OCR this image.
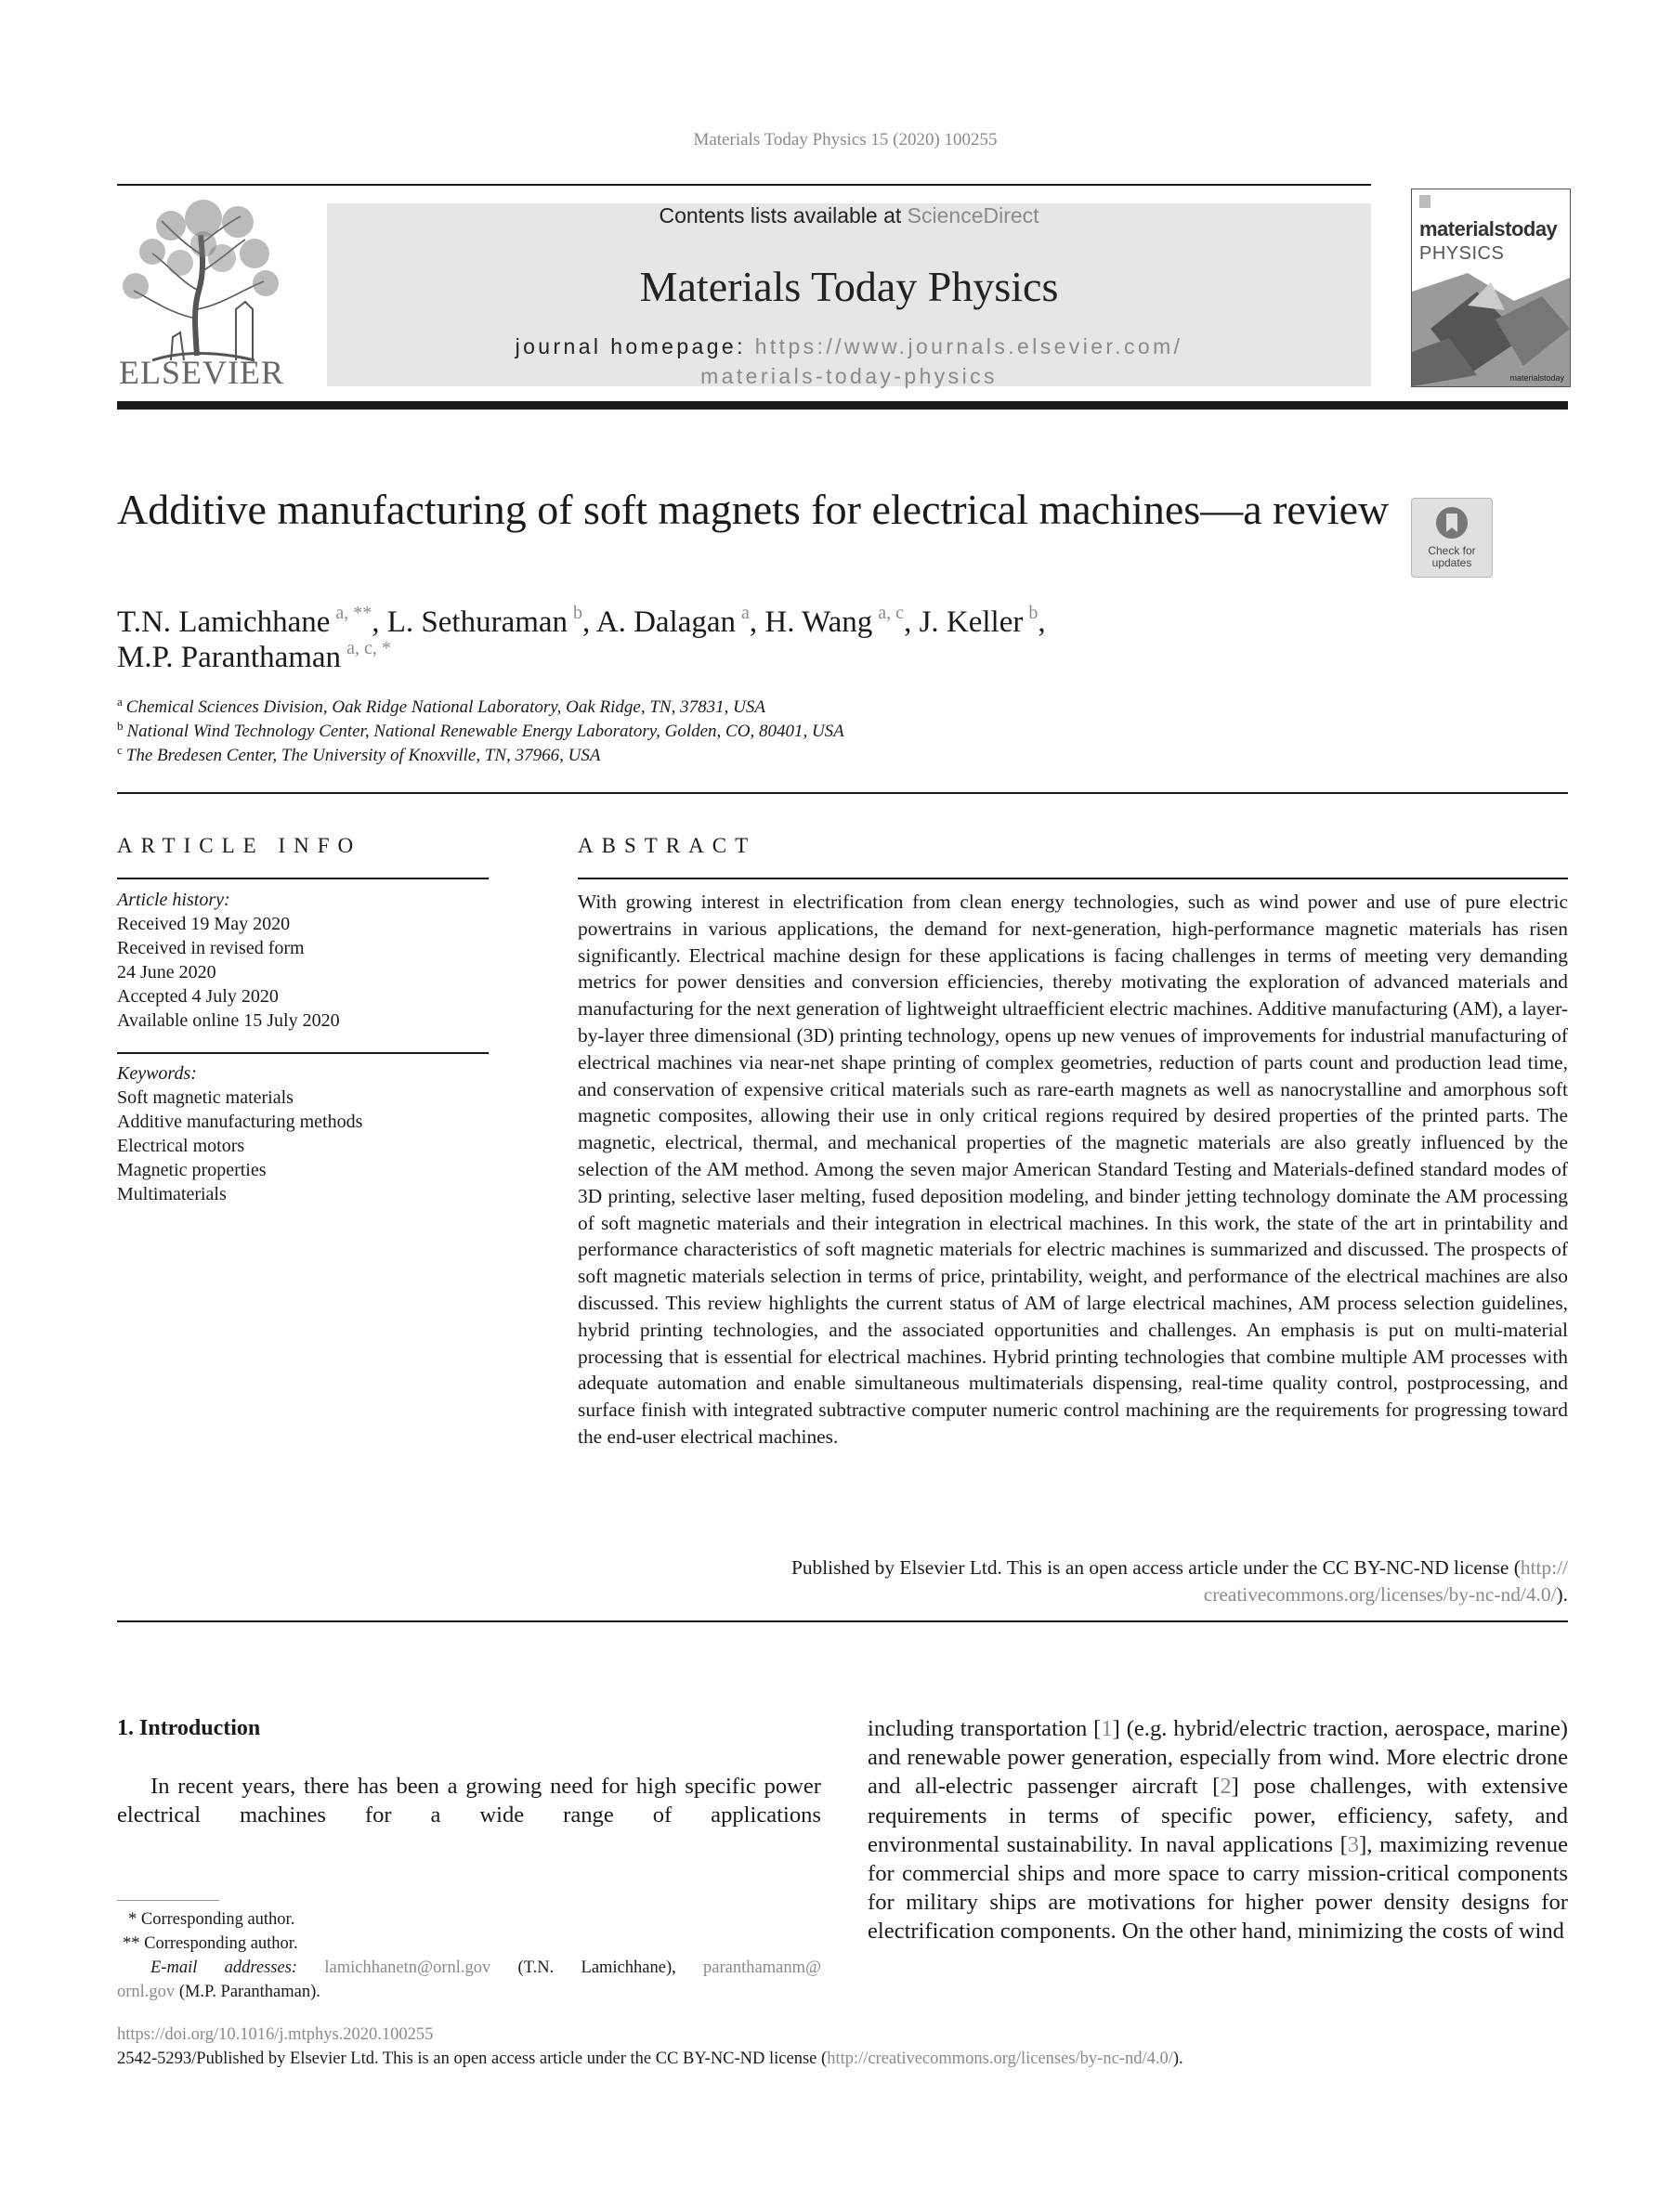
Materials Today Physics 15 (2020) 100255
ELSEVIER
Contents lists available at ScienceDirect
Materials Today Physics
journal homepage: https://www.journals.elsevier.com/
materials-today-physics
materialstoday
PHYSICS
materialstoday
Additive manufacturing of soft magnets for electrical machines—a review
Check for updates
T.N. Lamichhane $^{a, **}$, L. Sethuraman $^b$, A. Dalagan $^a$, H. Wang $^{a, c}$, J. Keller $^b$,
M.P. Paranthaman $^{a, c, *}$
$^a$ Chemical Sciences Division, Oak Ridge National Laboratory, Oak Ridge, TN, 37831, USA
$^b$ National Wind Technology Center, National Renewable Energy Laboratory, Golden, CO, 80401, USA
$^c$ The Bredesen Center, The University of Knoxville, TN, 37966, USA
ARTICLE INFO
Article history:
Received 19 May 2020
Received in revised form
24 June 2020
Accepted 4 July 2020
Available online 15 July 2020
Keywords:
Soft magnetic materials
Additive manufacturing methods
Electrical motors
Magnetic properties
Multimaterials
ABSTRACT
With growing interest in electrification from clean energy technologies, such as wind power and use of pure electric powertrains in various applications, the demand for next-generation, high-performance magnetic materials has risen significantly. Electrical machine design for these applications is facing challenges in terms of meeting very demanding metrics for power densities and conversion efficiencies, thereby motivating the exploration of advanced materials and manufacturing for the next generation of lightweight ultraefficient electric machines. Additive manufacturing (AM), a layer-by-layer three dimensional (3D) printing technology, opens up new venues of improvements for industrial manufacturing of electrical machines via near-net shape printing of complex geometries, reduction of parts count and production lead time, and conservation of expensive critical materials such as rare-earth magnets as well as nanocrystalline and amorphous soft magnetic composites, allowing their use in only critical regions required by desired properties of the printed parts. The magnetic, electrical, thermal, and mechanical properties of the magnetic materials are also greatly influenced by the selection of the AM method. Among the seven major American Standard Testing and Materials-defined standard modes of 3D printing, selective laser melting, fused deposition modeling, and binder jetting technology dominate the AM processing of soft magnetic materials and their integration in electrical machines. In this work, the state of the art in printability and performance characteristics of soft magnetic materials for electric machines is summarized and discussed. The prospects of soft magnetic materials selection in terms of price, printability, weight, and performance of the electrical machines are also discussed. This review highlights the current status of AM of large electrical machines, AM process selection guidelines, hybrid printing technologies, and the associated opportunities and challenges. An emphasis is put on multi-material processing that is essential for electrical machines. Hybrid printing technologies that combine multiple AM processes with adequate automation and enable simultaneous multimaterials dispensing, real-time quality control, postprocessing, and surface finish with integrated subtractive computer numeric control machining are the requirements for progressing toward the end-user electrical machines.
Published by Elsevier Ltd. This is an open access article under the CC BY-NC-ND license (http://
creativecommons.org/licenses/by-nc-nd/4.0/).
1. Introduction
In recent years, there has been a growing need for high specific power electrical machines for a wide range of applications
including transportation [1] (e.g. hybrid/electric traction, aerospace, marine) and renewable power generation, especially from wind. More electric drone and all-electric passenger aircraft [2] pose challenges, with extensive requirements in terms of specific power, efficiency, safety, and environmental sustainability. In naval applications [3], maximizing revenue for commercial ships and more space to carry mission-critical components for military ships are motivations for higher power density designs for electrification components. On the other hand, minimizing the costs of wind
* Corresponding author.
** Corresponding author.
E-mail addresses: lamichhanetn@ornl.gov (T.N. Lamichhane), paranthamanm@
ornl.gov (M.P. Paranthaman).
https://doi.org/10.1016/j.mtphys.2020.100255
2542-5293/Published by Elsevier Ltd. This is an open access article under the CC BY-NC-ND license (http://creativecommons.org/licenses/by-nc-nd/4.0/).
